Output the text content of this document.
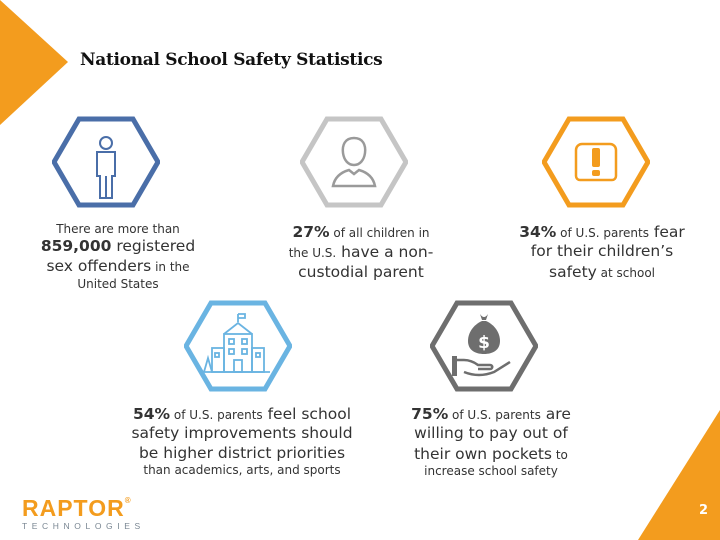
National School Safety Statistics
$
There are more than
859,000 registered
sex offenders in the
United States
27% of all children in
the U.S. have a non-
custodial parent
34% of U.S. parents fear
for their children’s
safety at school
54% of U.S. parents feel school
safety improvements should
be higher district priorities
than academics, arts, and sports
75% of U.S. parents are
willing to pay out of
their own pockets to
increase school safety
RAPTOR®
TECHNOLOGIES
2
